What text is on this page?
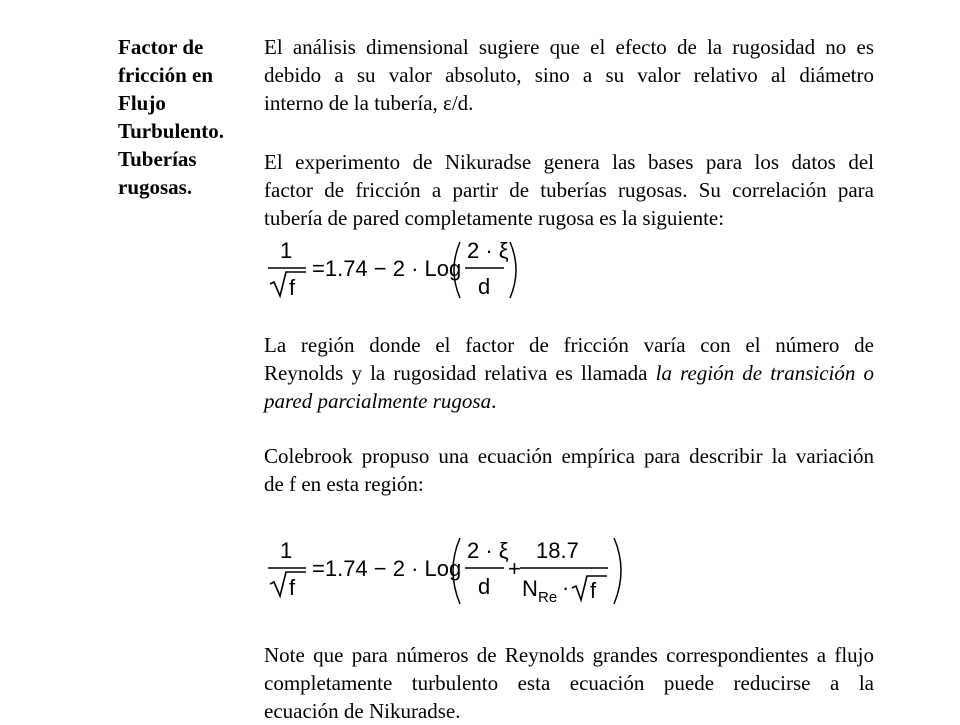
Factor de
fricción en
Flujo
Turbulento.
Tuberías
rugosas.
El análisis dimensional sugiere que el efecto de la rugosidad no es
debido a su valor absoluto, sino a su valor relativo al diámetro
interno de la tubería, ε/d.
El experimento de Nikuradse genera las bases para los datos del
factor de fricción a partir de tuberías rugosas. Su correlación para
tubería de pared completamente rugosa es la siguiente:
1
f
=1.74 − 2 · Log
2 · ξ
d
La región donde el factor de fricción varía con el número de
Reynolds y la rugosidad relativa es llamada la región de transición o
pared parcialmente rugosa.
Colebrook propuso una ecuación empírica para describir la variación
de f en esta región:
1
f
=1.74 − 2 · Log
2 · ξ
d
+
18.7
N Re · f
Note que para números de Reynolds grandes correspondientes a flujo
completamente turbulento esta ecuación puede reducirse a la
ecuación de Nikuradse.
